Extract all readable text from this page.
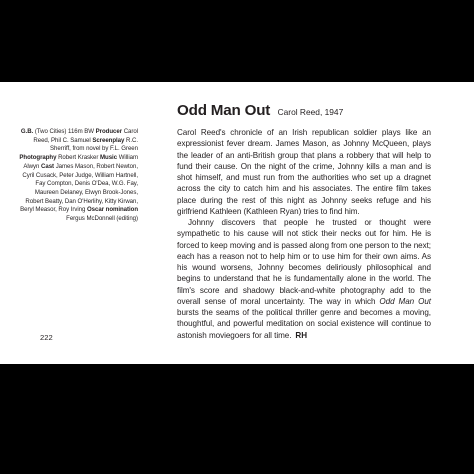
Odd Man Out Carol Reed, 1947
G.B. (Two Cities) 116m BW Producer Carol Reed, Phil C. Samuel Screenplay R.C. Sherriff, from novel by F.L. Green Photography Robert Krasker Music William Alwyn Cast James Mason, Robert Newton, Cyril Cusack, Peter Judge, William Hartnell, Fay Compton, Denis O'Dea, W.G. Fay, Maureen Delaney, Elwyn Brook-Jones, Robert Beatty, Dan O'Herlihy, Kitty Kirwan, Beryl Measor, Roy Irving Oscar nomination Fergus McDonnell (editing)

Carol Reed's chronicle of an Irish republican soldier plays like an expressionist fever dream. James Mason, as Johnny McQueen, plays the leader of an anti-British group that plans a robbery that will help to fund their cause. On the night of the crime, Johnny kills a man and is shot himself, and must run from the authorities who set up a dragnet across the city to catch him and his associates. The entire film takes place during the rest of this night as Johnny seeks refuge and his girlfriend Kathleen (Kathleen Ryan) tries to find him.

Johnny discovers that people he trusted or thought were sympathetic to his cause will not stick their necks out for him. He is forced to keep moving and is passed along from one person to the next; each has a reason not to help him or to use him for their own aims. As his wound worsens, Johnny becomes deliriously philosophical and begins to understand that he is fundamentally alone in the world. The film's score and shadowy black-and-white photography add to the overall sense of moral uncertainty. The way in which Odd Man Out bursts the seams of the political thriller genre and becomes a moving, thoughtful, and powerful meditation on social existence will continue to astonish moviegoers for all time. RH

222
